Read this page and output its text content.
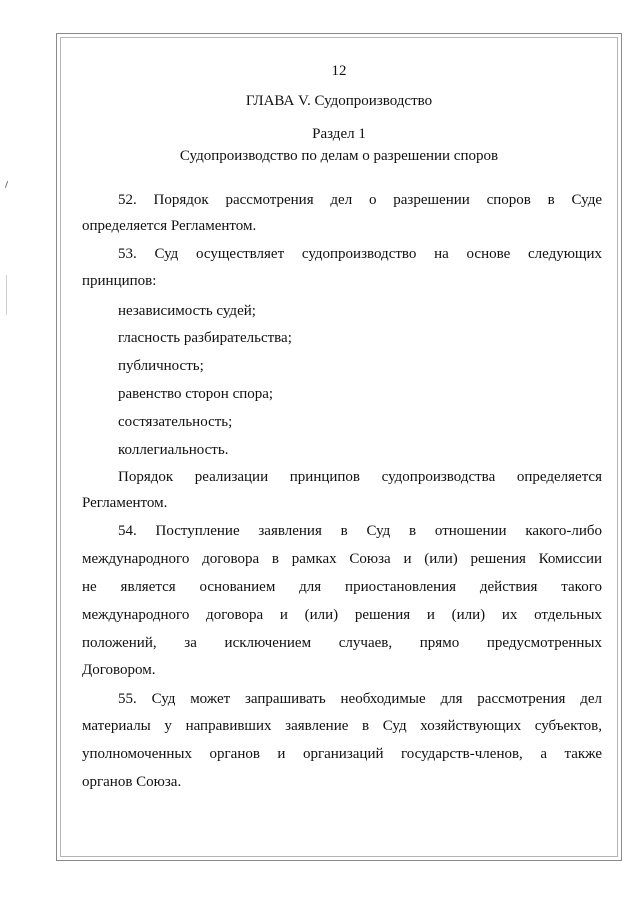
12
ГЛАВА V. Судопроизводство
Раздел 1
Судопроизводство по делам о разрешении споров
52. Порядок рассмотрения дел о разрешении споров в Суде
определяется Регламентом.
53. Суд осуществляет судопроизводство на основе следующих
принципов:
независимость судей;
гласность разбирательства;
публичность;
равенство сторон спора;
состязательность;
коллегиальность.
Порядок реализации принципов судопроизводства определяется
Регламентом.
54. Поступление заявления в Суд в отношении какого-либо
международного договора в рамках Союза и (или) решения Комиссии
не является основанием для приостановления действия такого
международного договора и (или) решения и (или) их отдельных
положений, за исключением случаев, прямо предусмотренных
Договором.
55. Суд может запрашивать необходимые для рассмотрения дел
материалы у направивших заявление в Суд хозяйствующих субъектов,
уполномоченных органов и организаций государств-членов, а также
органов Союза.
